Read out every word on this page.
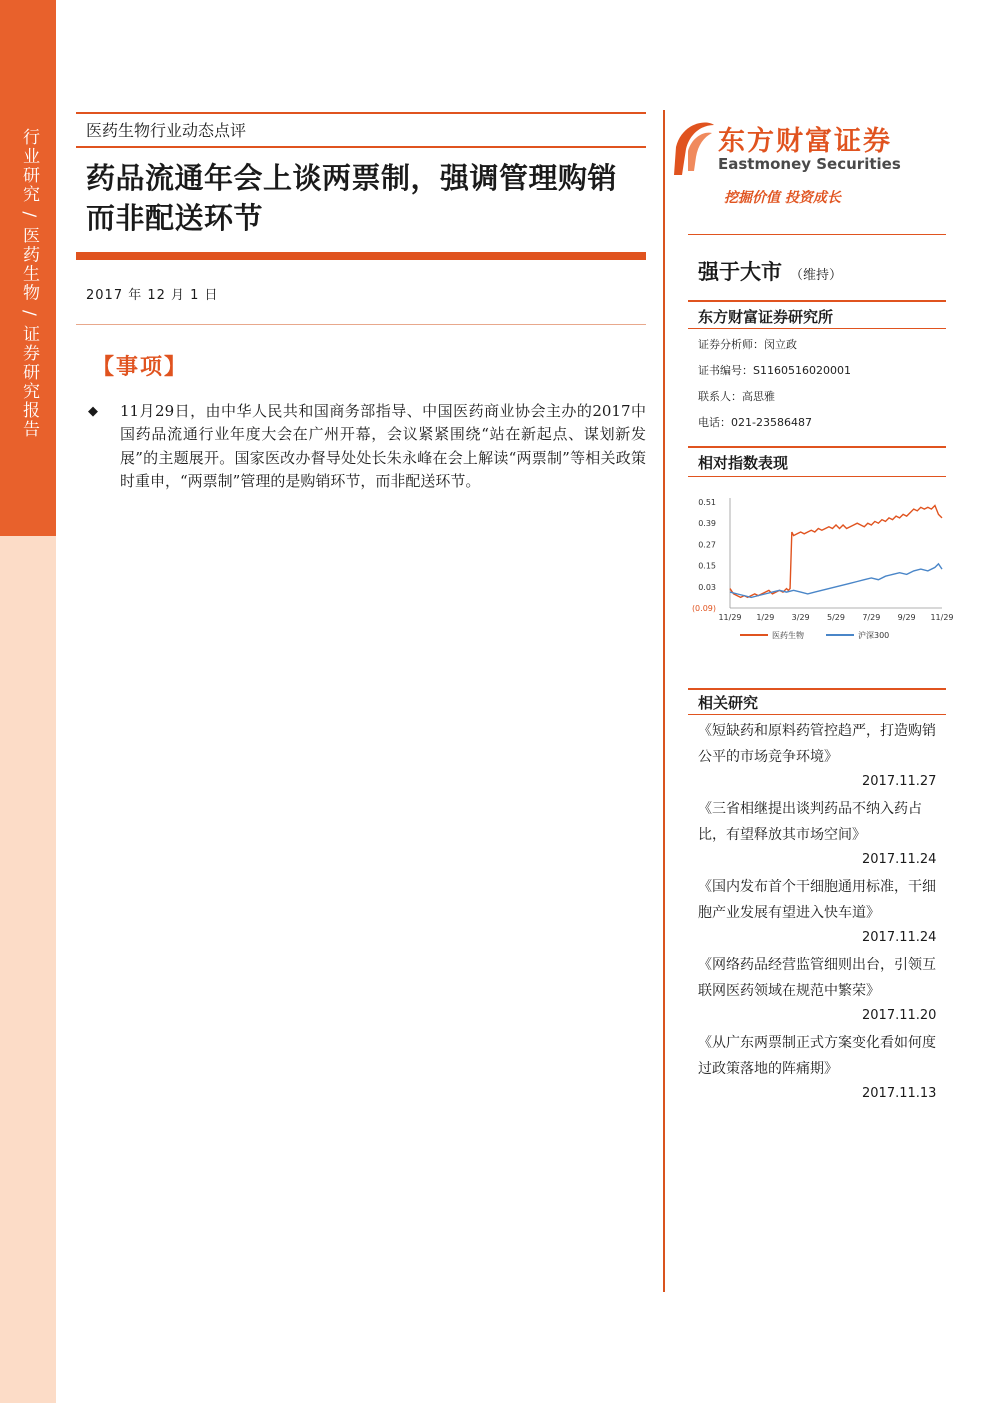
行业研究 / 医药生物 / 证券研究报告	医药生物行业动态点评
药品流通年会上谈两票制，强调管理购销而非配送环节
2017 年 12 月 1 日
【事项】
◆ 11月29日，由中华人民共和国商务部指导、中国医药商业协会主办的2017中国药品流通行业年度大会在广州开幕，会议紧紧围绕“站在新起点、谋划新发展”的主题展开。国家医改办督导处处长朱永峰在会上解读“两票制”等相关政策时重申，“两票制”管理的是购销环节，而非配送环节。
东方财富证券
Eastmoney Securities
挖掘价值 投资成长
强于大市 （维持）
东方财富证券研究所
证券分析师：闵立政
证书编号：S1160516020001
联系人：高思雅
电话：021-23586487
相对指数表现
0.51
0.39
0.27
0.15
0.03
(0.09)
11/29 1/29 3/29 5/29 7/29 9/29 11/29
医药生物	沪深300
相关研究
《短缺药和原料药管控趋严，打造购销公平的市场竞争环境》
2017.11.27
《三省相继提出谈判药品不纳入药占比，有望释放其市场空间》
2017.11.24
《国内发布首个干细胞通用标准，干细胞产业发展有望进入快车道》
2017.11.24
《网络药品经营监管细则出台，引领互联网医药领域在规范中繁荣》
2017.11.20
《从广东两票制正式方案变化看如何度过政策落地的阵痛期》
2017.11.13
